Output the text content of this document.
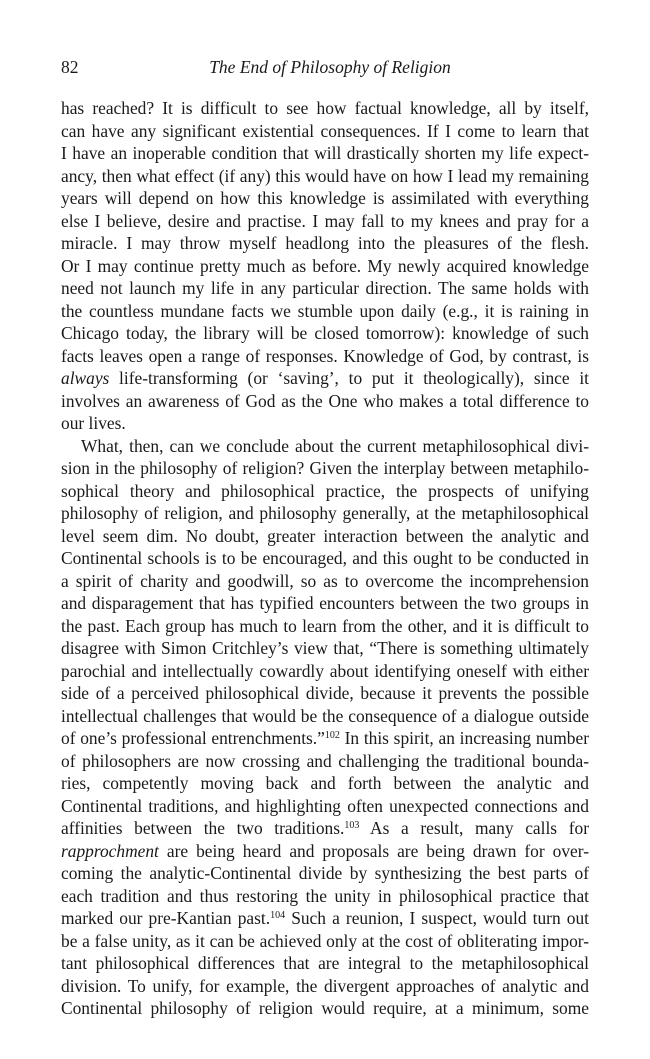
82	The End of Philosophy of Religion
has reached? It is difficult to see how factual knowledge, all by itself,
can have any significant existential consequences. If I come to learn that
I have an inoperable condition that will drastically shorten my life expect-
ancy, then what effect (if any) this would have on how I lead my remaining
years will depend on how this knowledge is assimilated with everything
else I believe, desire and practise. I may fall to my knees and pray for a
miracle. I may throw myself headlong into the pleasures of the flesh.
Or I may continue pretty much as before. My newly acquired knowledge
need not launch my life in any particular direction. The same holds with
the countless mundane facts we stumble upon daily (e.g., it is raining in
Chicago today, the library will be closed tomorrow): knowledge of such
facts leaves open a range of responses. Knowledge of God, by contrast, is
always life-transforming (or ‘saving’, to put it theologically), since it
involves an awareness of God as the One who makes a total difference to
our lives.
What, then, can we conclude about the current metaphilosophical divi-
sion in the philosophy of religion? Given the interplay between metaphilo-
sophical theory and philosophical practice, the prospects of unifying
philosophy of religion, and philosophy generally, at the metaphilosophical
level seem dim. No doubt, greater interaction between the analytic and
Continental schools is to be encouraged, and this ought to be conducted in
a spirit of charity and goodwill, so as to overcome the incomprehension
and disparagement that has typified encounters between the two groups in
the past. Each group has much to learn from the other, and it is difficult to
disagree with Simon Critchley’s view that, “There is something ultimately
parochial and intellectually cowardly about identifying oneself with either
side of a perceived philosophical divide, because it prevents the possible
intellectual challenges that would be the consequence of a dialogue outside
of one’s professional entrenchments.”$^{102}$ In this spirit, an increasing number
of philosophers are now crossing and challenging the traditional bounda-
ries, competently moving back and forth between the analytic and
Continental traditions, and highlighting often unexpected connections and
affinities between the two traditions.$^{103}$ As a result, many calls for
rapprochment are being heard and proposals are being drawn for over-
coming the analytic-Continental divide by synthesizing the best parts of
each tradition and thus restoring the unity in philosophical practice that
marked our pre-Kantian past.$^{104}$ Such a reunion, I suspect, would turn out
be a false unity, as it can be achieved only at the cost of obliterating impor-
tant philosophical differences that are integral to the metaphilosophical
division. To unify, for example, the divergent approaches of analytic and
Continental philosophy of religion would require, at a minimum, some
